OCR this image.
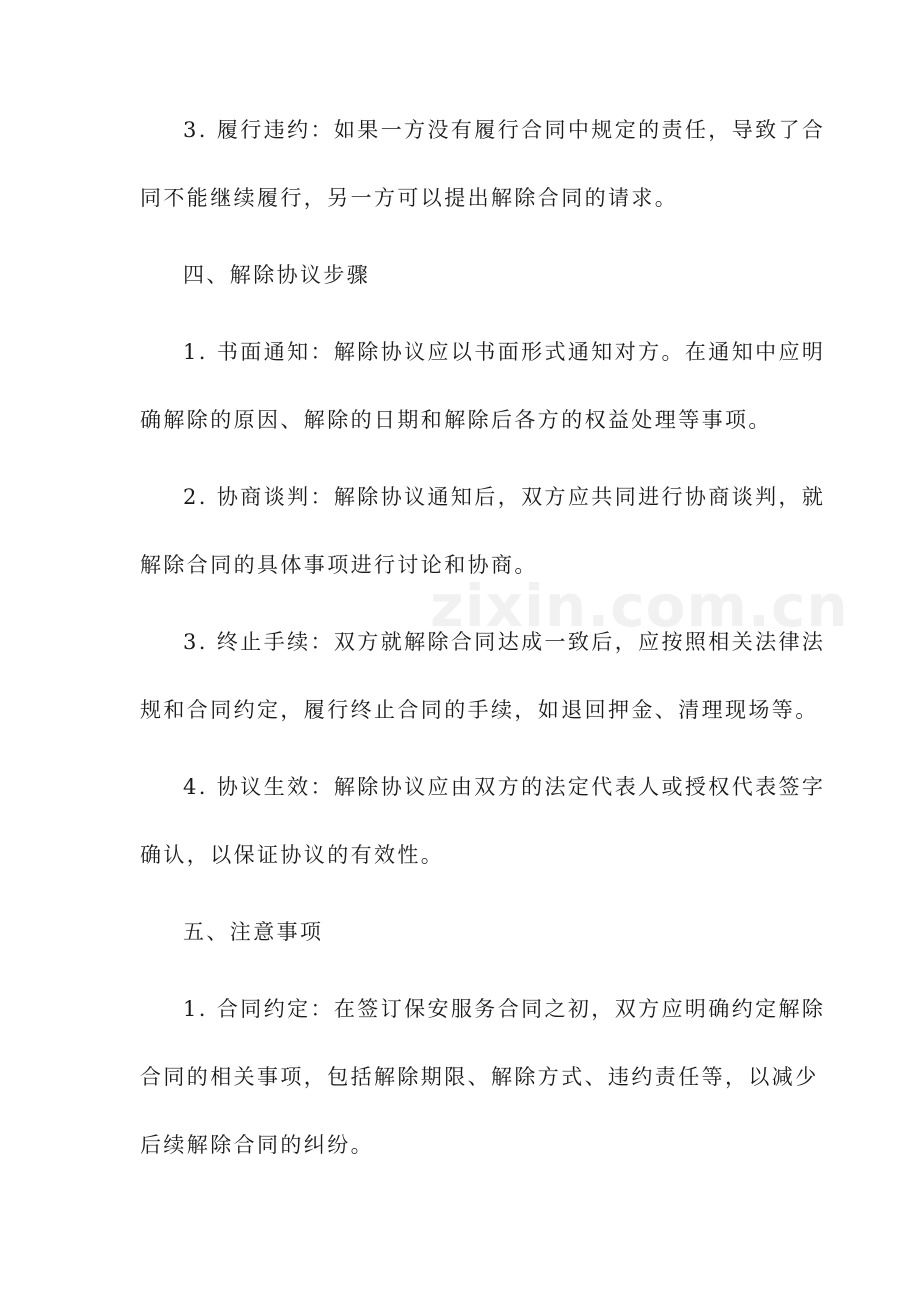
3. 履行违约：如果一方没有履行合同中规定的责任，导致了合
同不能继续履行，另一方可以提出解除合同的请求。

四、解除协议步骤

1. 书面通知：解除协议应以书面形式通知对方。在通知中应明
确解除的原因、解除的日期和解除后各方的权益处理等事项。

2. 协商谈判：解除协议通知后，双方应共同进行协商谈判，就
解除合同的具体事项进行讨论和协商。

3. 终止手续：双方就解除合同达成一致后，应按照相关法律法
规和合同约定，履行终止合同的手续，如退回押金、清理现场等。

4. 协议生效：解除协议应由双方的法定代表人或授权代表签字
确认，以保证协议的有效性。

五、注意事项

1. 合同约定：在签订保安服务合同之初，双方应明确约定解除
合同的相关事项，包括解除期限、解除方式、违约责任等，以减少
后续解除合同的纠纷。

zixin.com.cn
